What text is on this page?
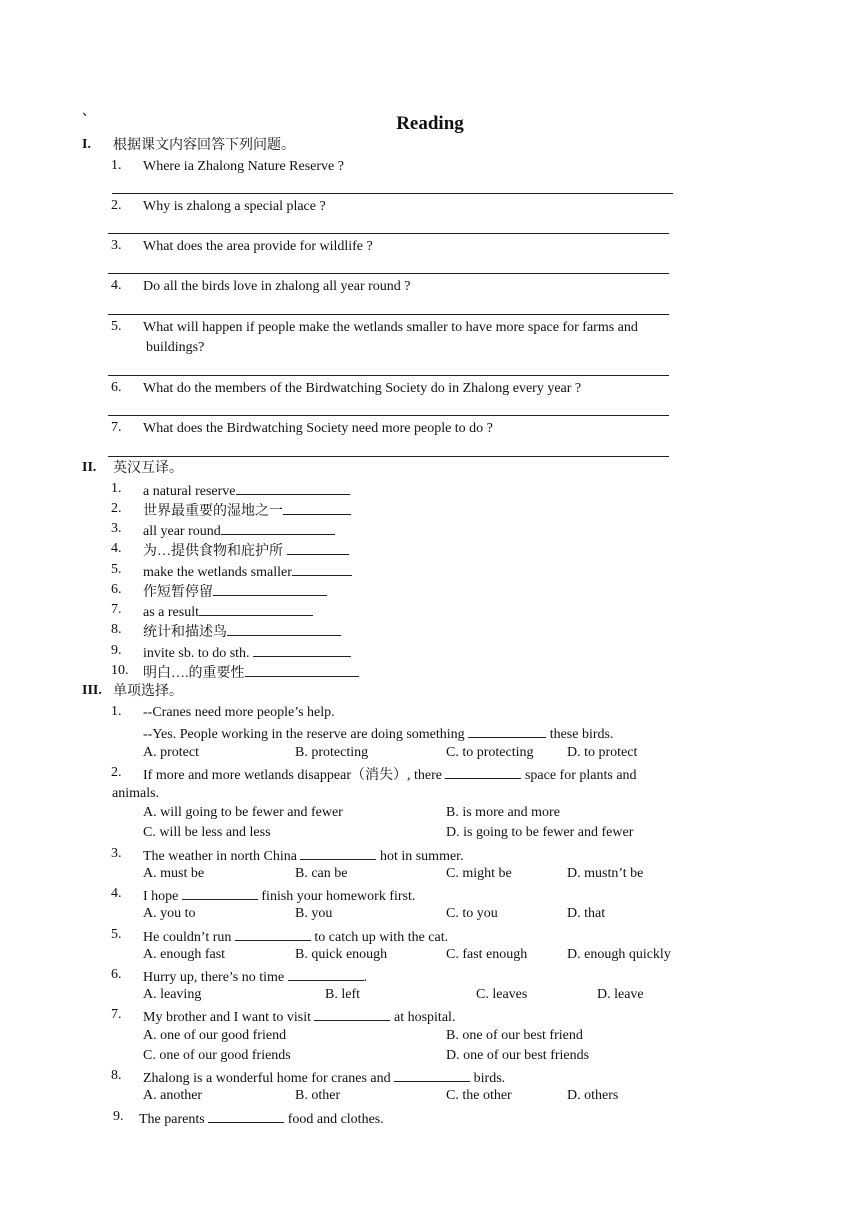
、
Reading
I. 根据课文内容回答下列问题。
1. Where ia Zhalong Nature Reserve ?
2. Why is zhalong a special place ?
3. What does the area provide for wildlife ?
4. Do all the birds love in zhalong all year round ?
5. What will happen if people make the wetlands smaller to have more space for farms and
buildings?
6. What do the members of the Birdwatching Society do in Zhalong every year ?
7. What does the Birdwatching Society need more people to do ?
II. 英汉互译。
1. a natural reserve
2. 世界最重要的湿地之一
3. all year round
4. 为…提供食物和庇护所
5. make the wetlands smaller
6. 作短暂停留
7. as a result
8. 统计和描述鸟
9. invite sb. to do sth.
10. 明白….的重要性
III. 单项选择。
1. --Cranes need more people’s help.
--Yes. People working in the reserve are doing something	these birds.
A. protect	B. protecting	C. to protecting D. to protect
2. If more and more wetlands disappear（消失）, there	space for plants and
animals.
A. will going to be fewer and fewer	B. is more and more
C. will be less and less	D. is going to be fewer and fewer
3. The weather in north China	hot in summer.
A. must be	B. can be	C. might be	D. mustn’t be
4. I hope	finish your homework first.
A. you to	B. you	C. to you	D. that
5. He couldn’t run	to catch up with the cat.
A. enough fast	B. quick enough	C. fast enough	D. enough quickly
6. Hurry up, there’s no time	.
A. leaving	B. left	C. leaves	D. leave
7. My brother and I want to visit	at hospital.
A. one of our good friend	B. one of our best friend
C. one of our good friends	D. one of our best friends
8. Zhalong is a wonderful home for cranes and	birds.
A. another	B. other	C. the other	D. others
9. The parents	food and clothes.
